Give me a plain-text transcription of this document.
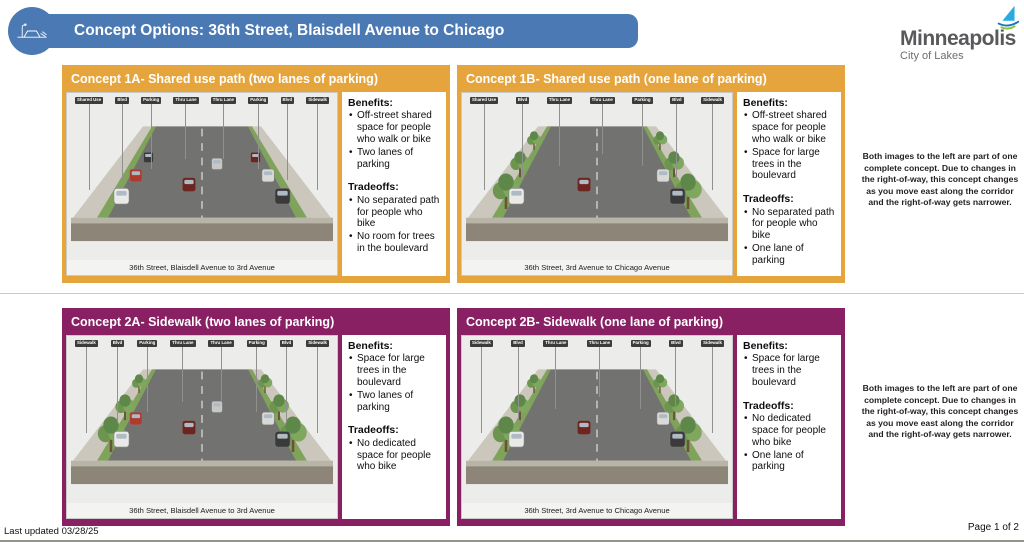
Concept Options: 36th Street, Blaisdell Avenue to Chicago	Minneapolis
City of Lakes
Concept 1A- Shared use path (two lanes of parking)
Shared Use	Blvd	Parking	Thru Lane	Thru Lane	Parking	Blvd	Sidewalk
36th Street, Blaisdell Avenue to 3rd Avenue
Benefits:
• Off-street shared space for people who walk or bike
• Two lanes of parking
Tradeoffs:
• No separated path for people who bike
• No room for trees in the boulevard
Concept 1B- Shared use path (one lane of parking)
Shared Use	Blvd	Thru Lane	Thru Lane	Parking	Blvd	Sidewalk
36th Street, 3rd Avenue to Chicago Avenue
Benefits:
• Off-street shared space for people who walk or bike
• Space for large trees in the boulevard
Tradeoffs:
• No separated path for people who bike
• One lane of parking
Both images to the left are part of one complete concept. Due to changes in the right-of-way, this concept changes as you move east along the corridor and the right-of-way gets narrower.
Concept 2A- Sidewalk (two lanes of parking)
Sidewalk	Blvd	Parking	Thru Lane	Thru Lane	Parking	Blvd	Sidewalk
36th Street, Blaisdell Avenue to 3rd Avenue
Benefits:
• Space for large trees in the boulevard
• Two lanes of parking
Tradeoffs:
• No dedicated space for people who bike
Concept 2B- Sidewalk (one lane of parking)
Sidewalk	Blvd	Thru Lane	Thru Lane	Parking	Blvd	Sidewalk
36th Street, 3rd Avenue to Chicago Avenue
Benefits:
• Space for large trees in the boulevard
Tradeoffs:
• No dedicated space for people who bike
• One lane of parking
Both images to the left are part of one complete concept. Due to changes in the right-of-way, this concept changes as you move east along the corridor and the right-of-way gets narrower.
Last updated 03/28/25	Page 1 of 2
